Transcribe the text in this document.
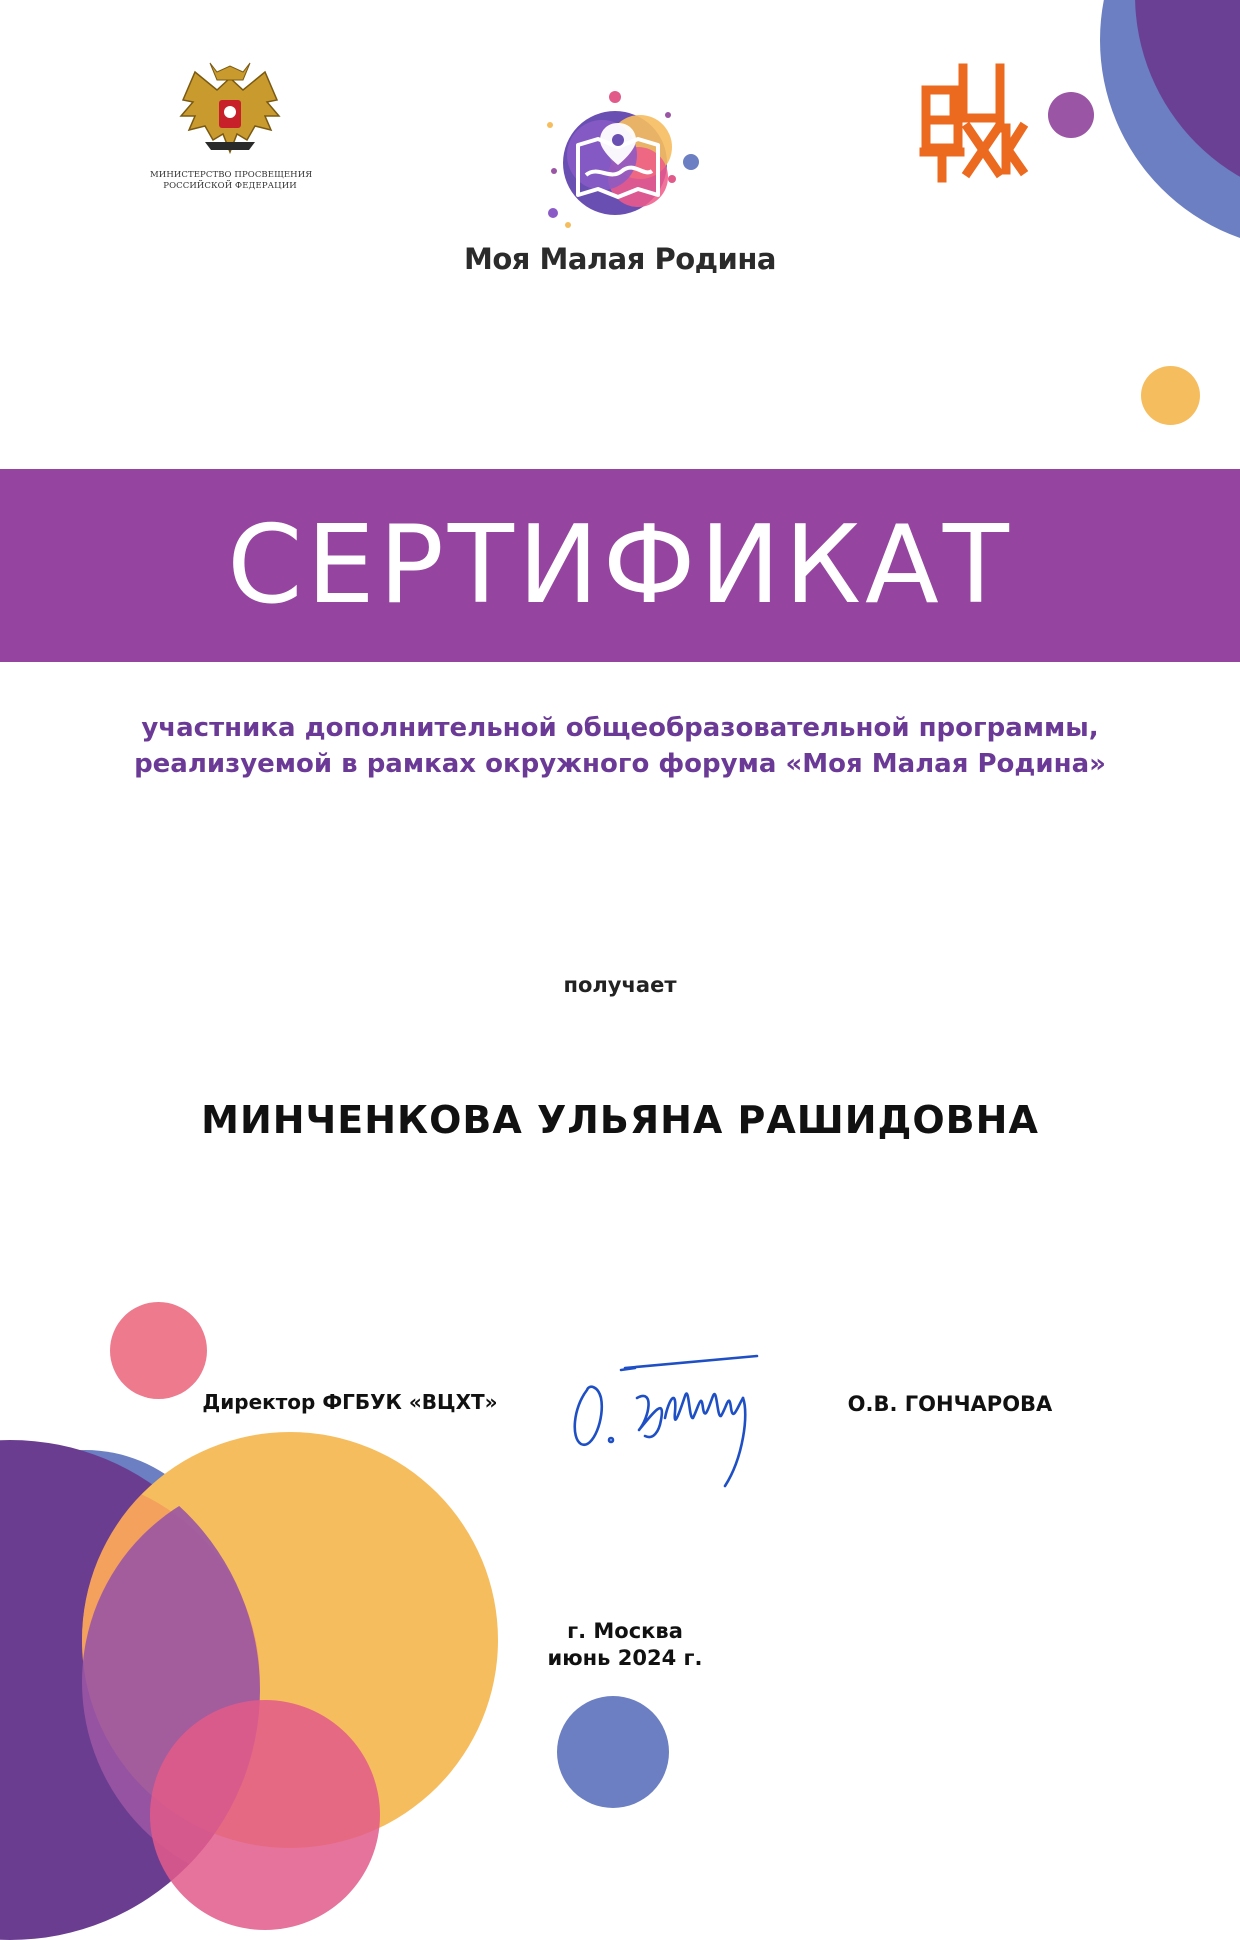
МИНИСТЕРСТВО ПРОСВЕЩЕНИЯ
РОССИЙСКОЙ ФЕДЕРАЦИИ
Моя Малая Родина
СЕРТИФИКАТ
участника дополнительной общеобразовательной программы,
реализуемой в рамках окружного форума «Моя Малая Родина»
получает
МИНЧЕНКОВА УЛЬЯНА РАШИДОВНА
Директор ФГБУК «ВЦХТ»	О.В. ГОНЧАРОВА
г. Москва
июнь 2024 г.
